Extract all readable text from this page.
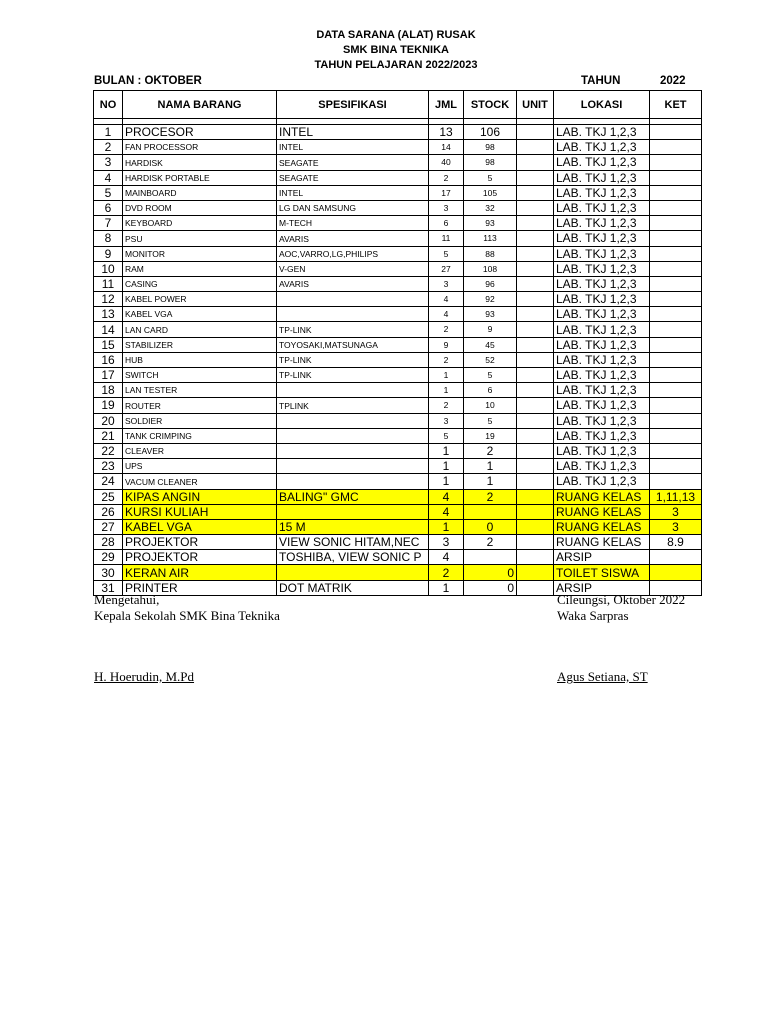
DATA SARANA (ALAT) RUSAK
SMK BINA TEKNIKA
TAHUN PELAJARAN 2022/2023
BULAN : OKTOBER	TAHUN	2022
NO	NAMA BARANG	SPESIFIKASI	JML	STOCK	UNIT	LOKASI	KET

1	PROCESOR	INTEL	13	106		LAB. TKJ 1,2,3	
2	FAN PROCESSOR	INTEL	14	98		LAB. TKJ 1,2,3	
3	HARDISK	SEAGATE	40	98		LAB. TKJ 1,2,3	
4	HARDISK PORTABLE	SEAGATE	2	5		LAB. TKJ 1,2,3	
5	MAINBOARD	INTEL	17	105		LAB. TKJ 1,2,3	
6	DVD ROOM	LG DAN SAMSUNG	3	32		LAB. TKJ 1,2,3	
7	KEYBOARD	M-TECH	6	93		LAB. TKJ 1,2,3	
8	PSU	AVARIS	11	113		LAB. TKJ 1,2,3	
9	MONITOR	AOC,VARRO,LG,PHILIPS	5	88		LAB. TKJ 1,2,3	
10	RAM	V-GEN	27	108		LAB. TKJ 1,2,3	
11	CASING	AVARIS	3	96		LAB. TKJ 1,2,3	
12	KABEL POWER		4	92		LAB. TKJ 1,2,3	
13	KABEL VGA		4	93		LAB. TKJ 1,2,3	
14	LAN CARD	TP-LINK	2	9		LAB. TKJ 1,2,3	
15	STABILIZER	TOYOSAKI,MATSUNAGA	9	45		LAB. TKJ 1,2,3	
16	HUB	TP-LINK	2	52		LAB. TKJ 1,2,3	
17	SWITCH	TP-LINK	1	5		LAB. TKJ 1,2,3	
18	LAN TESTER		1	6		LAB. TKJ 1,2,3	
19	ROUTER	TPLINK	2	10		LAB. TKJ 1,2,3	
20	SOLDIER		3	5		LAB. TKJ 1,2,3	
21	TANK CRIMPING		5	19		LAB. TKJ 1,2,3	
22	CLEAVER		1	2		LAB. TKJ 1,2,3	
23	UPS		1	1		LAB. TKJ 1,2,3	
24	VACUM CLEANER		1	1		LAB. TKJ 1,2,3	
25	KIPAS ANGIN	BALING" GMC	4	2		RUANG KELAS	1,11,13
26	KURSI KULIAH		4			RUANG KELAS	3
27	KABEL VGA	15 M	1	0		RUANG KELAS	3
28	PROJEKTOR	VIEW SONIC HITAM,NEC	3	2		RUANG KELAS	8.9
29	PROJEKTOR	TOSHIBA, VIEW SONIC P	4			ARSIP	
30	KERAN AIR		2	0		TOILET SISWA	
31	PRINTER	DOT MATRIK	1	0		ARSIP	
Mengetahui,
Kepala Sekolah SMK Bina Teknika
Cileungsi, Oktober 2022
Waka Sarpras
H. Hoerudin, M.Pd	Agus Setiana, ST
